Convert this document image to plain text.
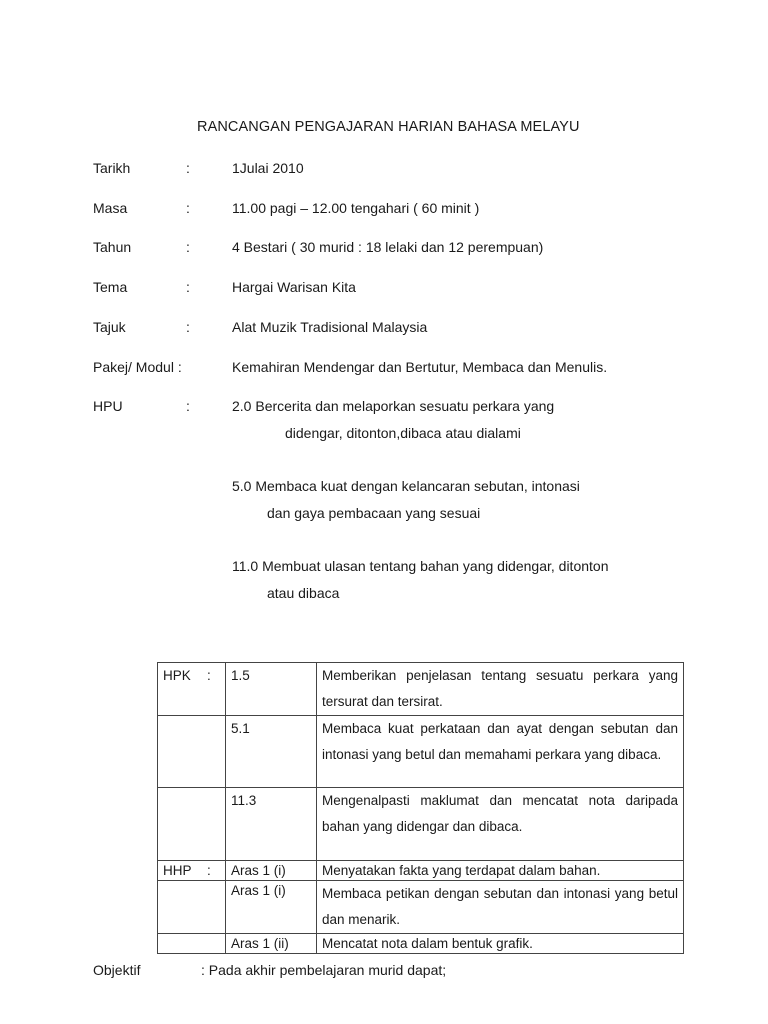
RANCANGAN PENGAJARAN HARIAN BAHASA MELAYU
Tarikh	:	1Julai 2010
Masa	:	11.00 pagi – 12.00 tengahari ( 60 minit )
Tahun	:	4 Bestari ( 30 murid : 18 lelaki dan 12 perempuan)
Tema	:	Hargai Warisan Kita
Tajuk	:	Alat Muzik Tradisional Malaysia
Pakej/ Modul :	Kemahiran Mendengar dan Bertutur, Membaca dan Menulis.
HPU	:	2.0 Bercerita dan melaporkan sesuatu perkara yang
didengar, ditonton,dibaca atau dialami
5.0 Membaca kuat dengan kelancaran sebutan, intonasi
dan gaya pembacaan yang sesuai
11.0 Membuat ulasan tentang bahan yang didengar, ditonton
atau dibaca
HPK :	1.5	Memberikan penjelasan tentang sesuatu perkara yang tersurat dan tersirat.
	5.1	Membaca kuat perkataan dan ayat dengan sebutan dan intonasi yang betul dan memahami perkara yang dibaca.
	11.3	Mengenalpasti maklumat dan mencatat nota daripada bahan yang didengar dan dibaca.
HHP :	Aras 1 (i)	Menyatakan fakta yang terdapat dalam bahan.
	Aras 1 (i)	Membaca petikan dengan sebutan dan intonasi yang betul dan menarik.
	Aras 1 (ii)	Mencatat nota dalam bentuk grafik.
Objektif	: Pada akhir pembelajaran murid dapat;
